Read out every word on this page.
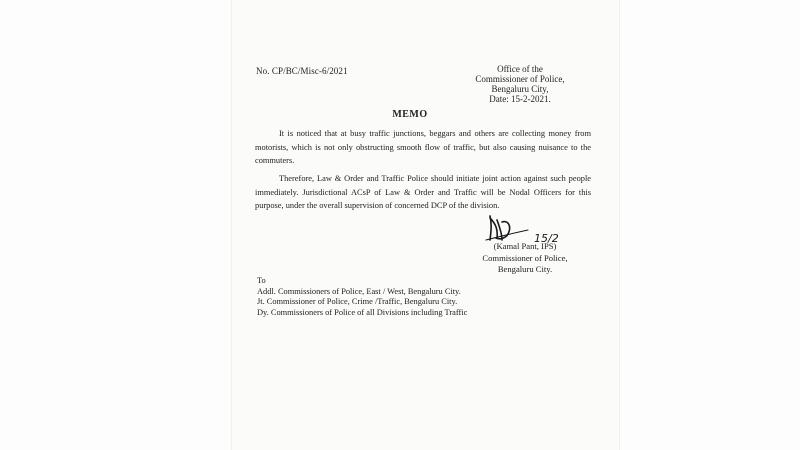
No. CP/BC/Misc-6/2021	Office of the
Commissioner of Police,
Bengaluru City,
Date: 15-2-2021.
MEMO
It is noticed that at busy traffic junctions, beggars and others are collecting money from motorists, which is not only obstructing smooth flow of traffic, but also causing nuisance to the commuters.
Therefore, Law & Order and Traffic Police should initiate joint action against such people immediately. Jurisdictional ACsP of Law & Order and Traffic will be Nodal Officers for this purpose, under the overall supervision of concerned DCP of the division.
15/2
(Kamal Pant, IPS)
Commissioner of Police,
Bengaluru City.
To
Addl. Commissioners of Police, East / West, Bengaluru City.
Jt. Commissioner of Police, Crime /Traffic, Bengaluru City.
Dy. Commissioners of Police of all Divisions including Traffic
